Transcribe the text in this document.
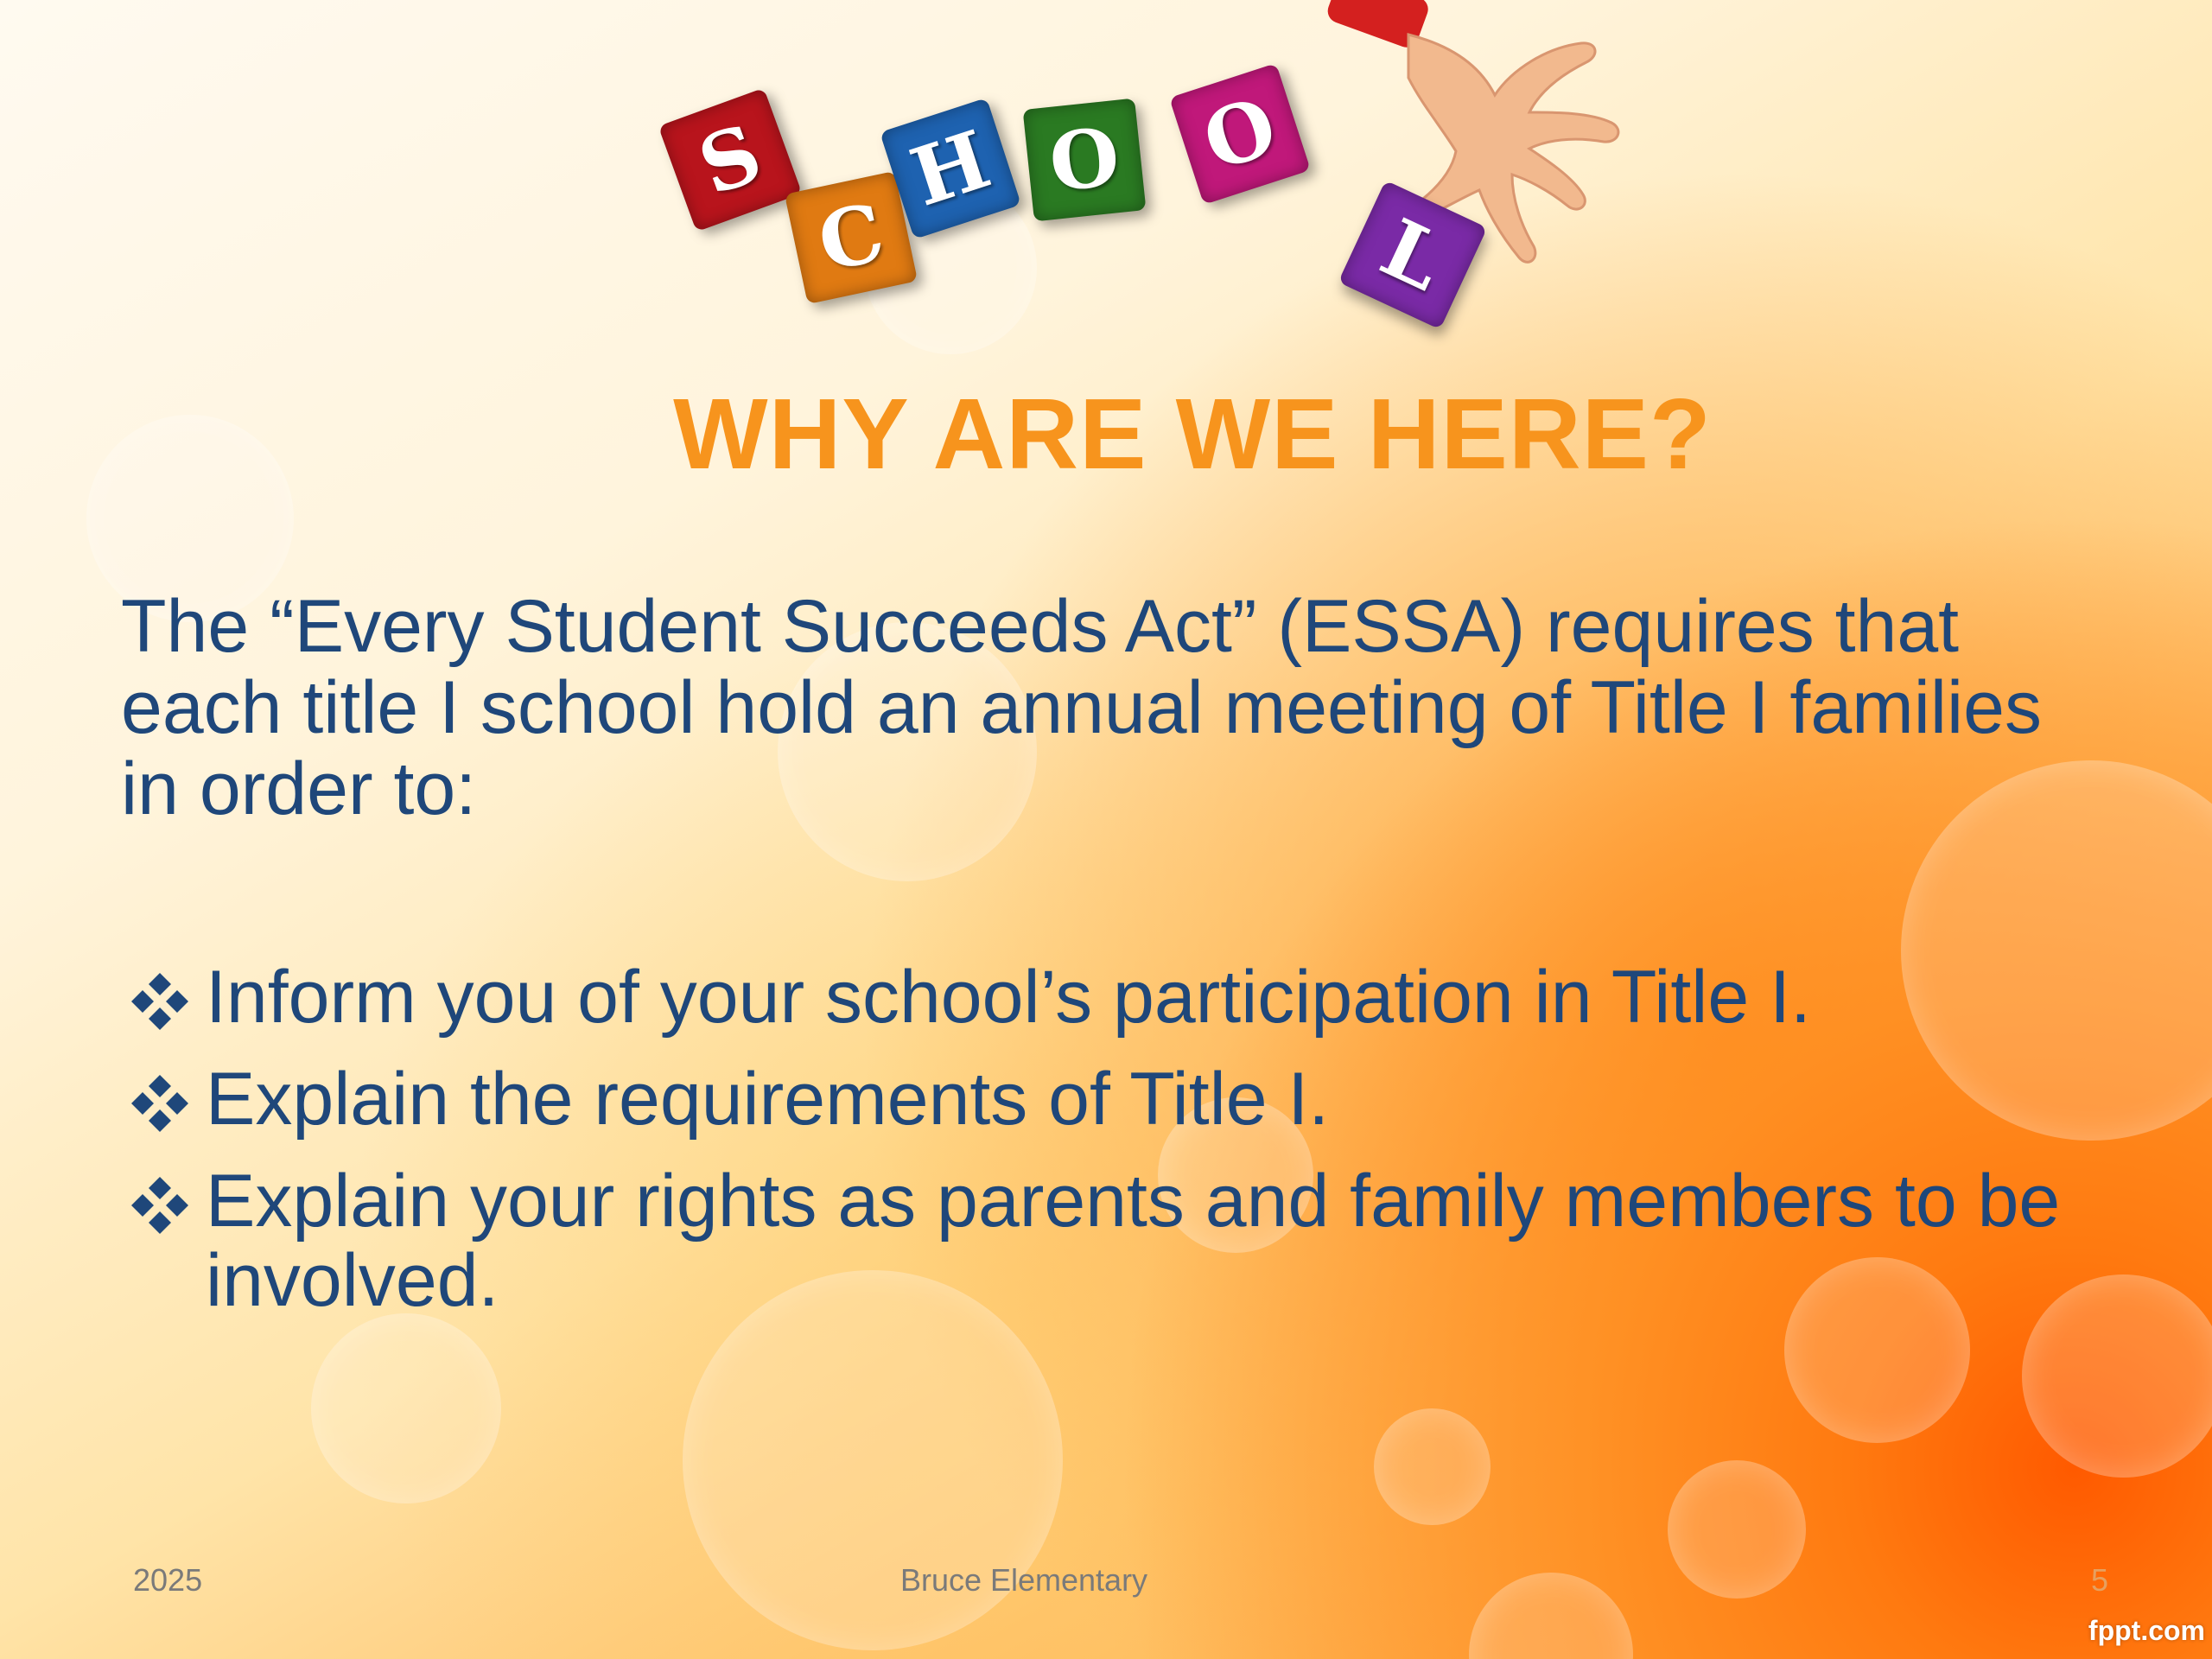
S
C
H O O
L
WHY ARE WE HERE?

The “Every Student Succeeds Act” (ESSA) requires that each title I school hold an annual meeting of Title I families in order to:

Inform you of your school’s participation in Title I.
Explain the requirements of Title I.
Explain your rights as parents and family members to be involved.
2025	Bruce Elementary	5
fppt.com
